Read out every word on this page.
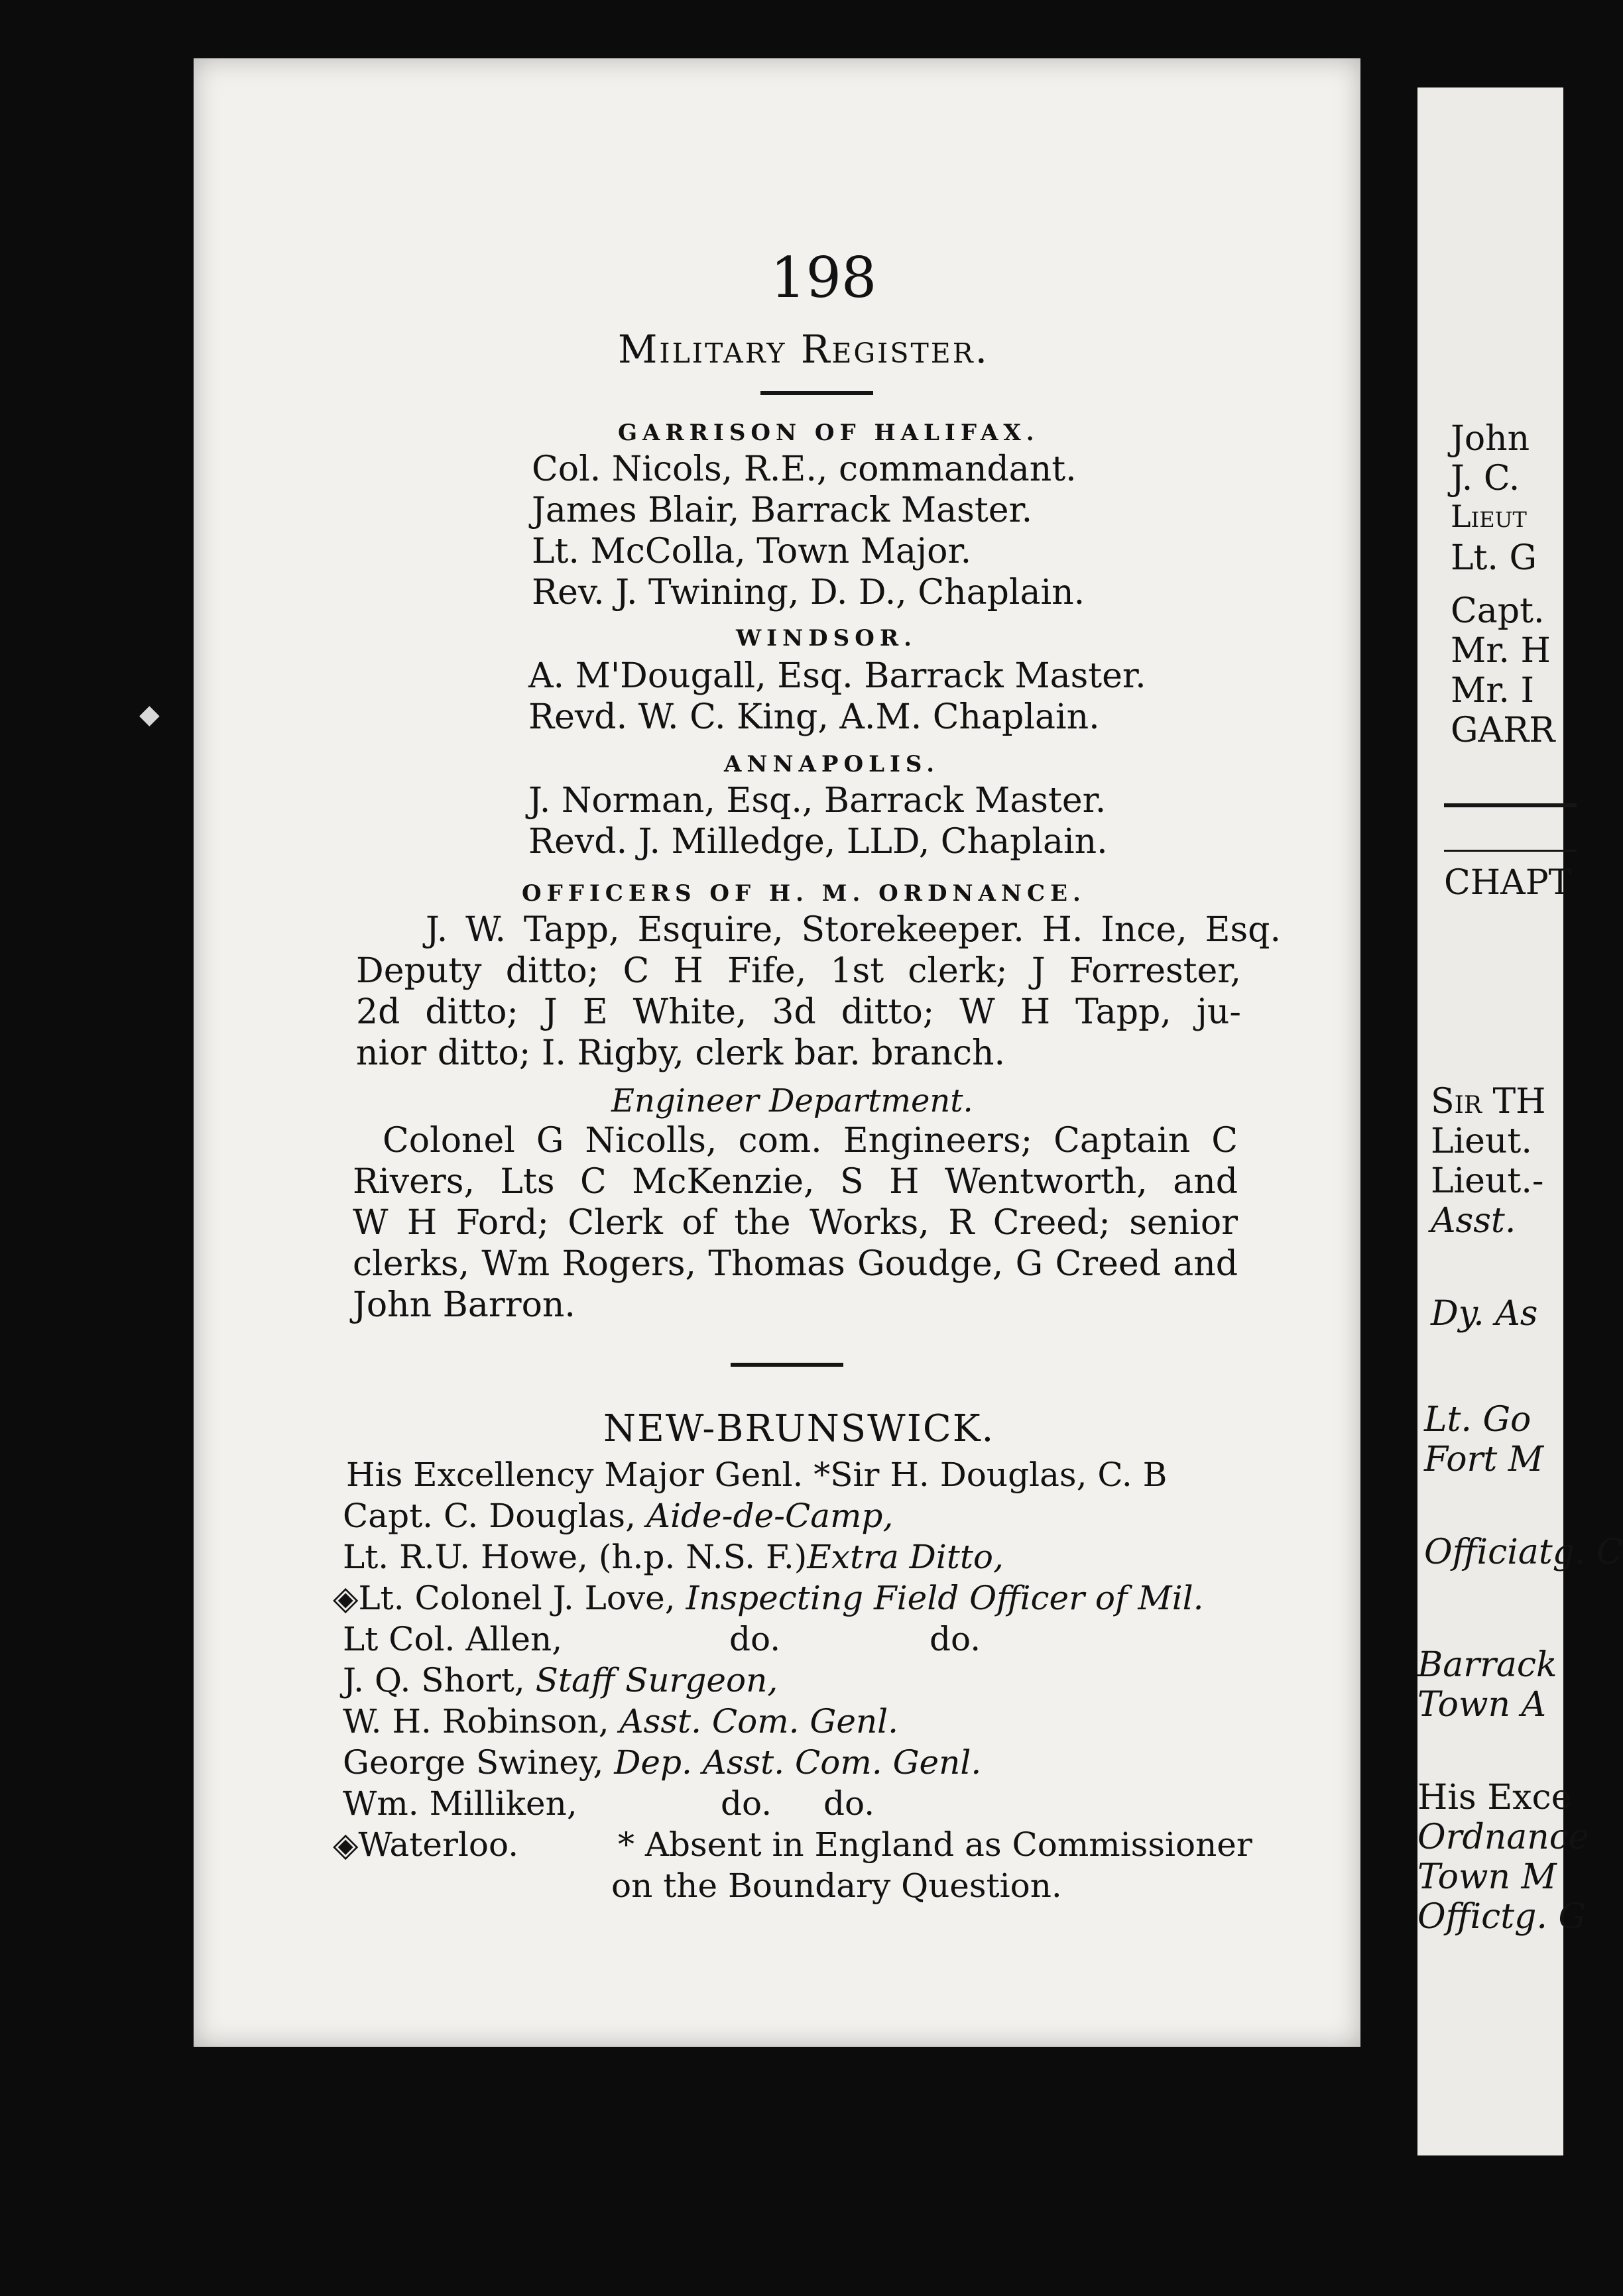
198
Military Register.
GARRISON OF HALIFAX.
Col. Nicols, R.E., commandant.
James Blair, Barrack Master.
Lt. McColla, Town Major.
Rev. J. Twining, D. D., Chaplain.
WINDSOR.
A. M'Dougall, Esq. Barrack Master.
Revd. W. C. King, A.M. Chaplain.
ANNAPOLIS.
J. Norman, Esq., Barrack Master.
Revd. J. Milledge, LLD, Chaplain.
OFFICERS OF H. M. ORDNANCE.
J. W. Tapp, Esquire, Storekeeper. H. Ince, Esq.
Deputy ditto; C H Fife, 1st clerk; J Forrester,
2d ditto; J E White, 3d ditto; W H Tapp, ju-
nior ditto; I. Rigby, clerk bar. branch.
Engineer Department.
Colonel G Nicolls, com. Engineers; Captain C
Rivers, Lts C McKenzie, S H Wentworth, and
W H Ford; Clerk of the Works, R Creed; senior
clerks, Wm Rogers, Thomas Goudge, G Creed and
John Barron.
NEW-BRUNSWICK.
His Excellency Major Genl. *Sir H. Douglas, C. B
Capt. C. Douglas, Aide-de-Camp,
Lt. R.U. Howe, (h.p. N.S. F.)Extra Ditto,
◈Lt. Colonel J. Love, Inspecting Field Officer of Mil.
Lt Col. Allen,	do.	do.
J. Q. Short, Staff Surgeon,
W. H. Robinson, Asst. Com. Genl.
George Swiney, Dep. Asst. Com. Genl.
Wm. Milliken,	do. do.
◈Waterloo.	* Absent in England as Commissioner
on the Boundary Question.
◆
John
J. C.
Lieut
Lt. G
Capt.
Mr. H
Mr. I
GARR
CHAPT
Sir TH
Lieut.
Lieut.-
Asst.
Dy. As
Lt. Go
Fort M
Officiatg. C
Barrack
Town A
His Exce
Ordnance
Town M
Offictg. G
